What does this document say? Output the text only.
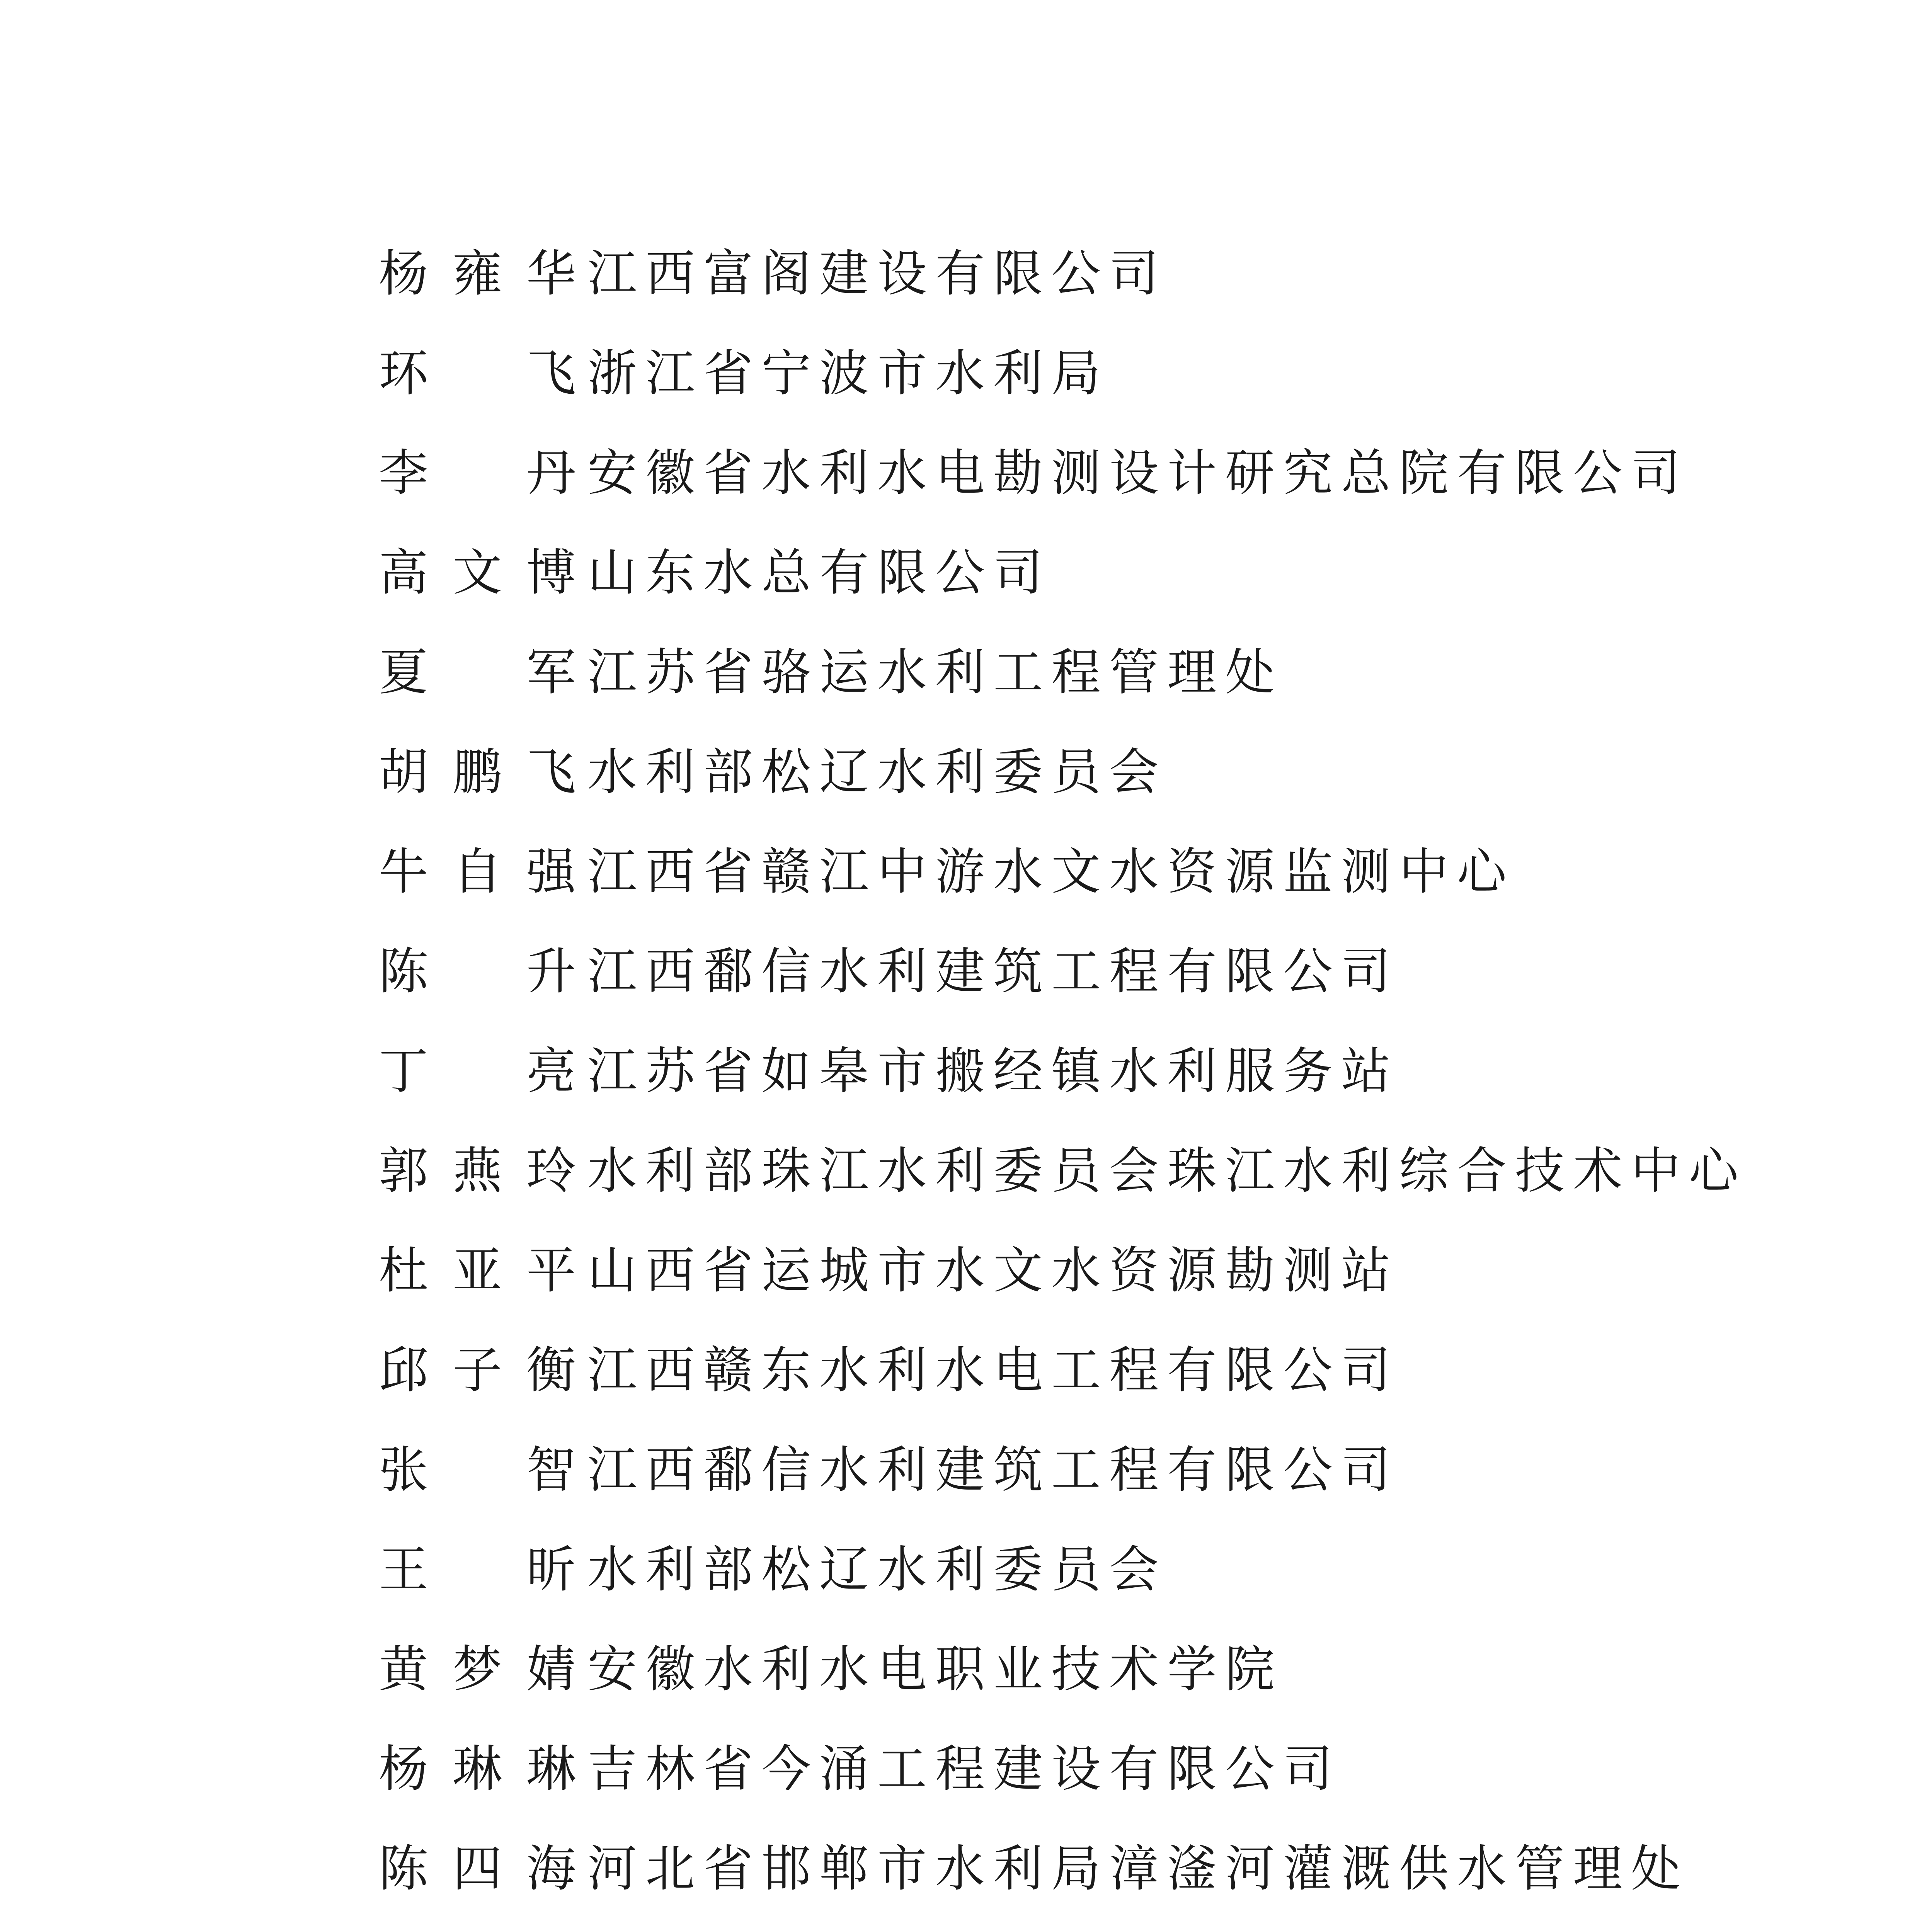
杨 雍 华 江西富阁建设有限公司
环 飞 浙江省宁波市水利局
李 丹 安徽省水利水电勘测设计研究总院有限公司
高 文 博 山东水总有限公司
夏 军 江苏省骆运水利工程管理处
胡 鹏 飞 水利部松辽水利委员会
牛 自 强 江西省赣江中游水文水资源监测中心
陈 升 江西鄱信水利建筑工程有限公司
丁 亮 江苏省如皋市搬经镇水利服务站
郭 燕 玲 水利部珠江水利委员会珠江水利综合技术中心
杜 亚 平 山西省运城市水文水资源勘测站
邱 子 衡 江西赣东水利水电工程有限公司
张 智 江西鄱信水利建筑工程有限公司
王 昕 水利部松辽水利委员会
黄 梦 婧 安徽水利水电职业技术学院
杨 琳 琳 吉林省今涌工程建设有限公司
陈 四 海 河北省邯郸市水利局漳滏河灌溉供水管理处
